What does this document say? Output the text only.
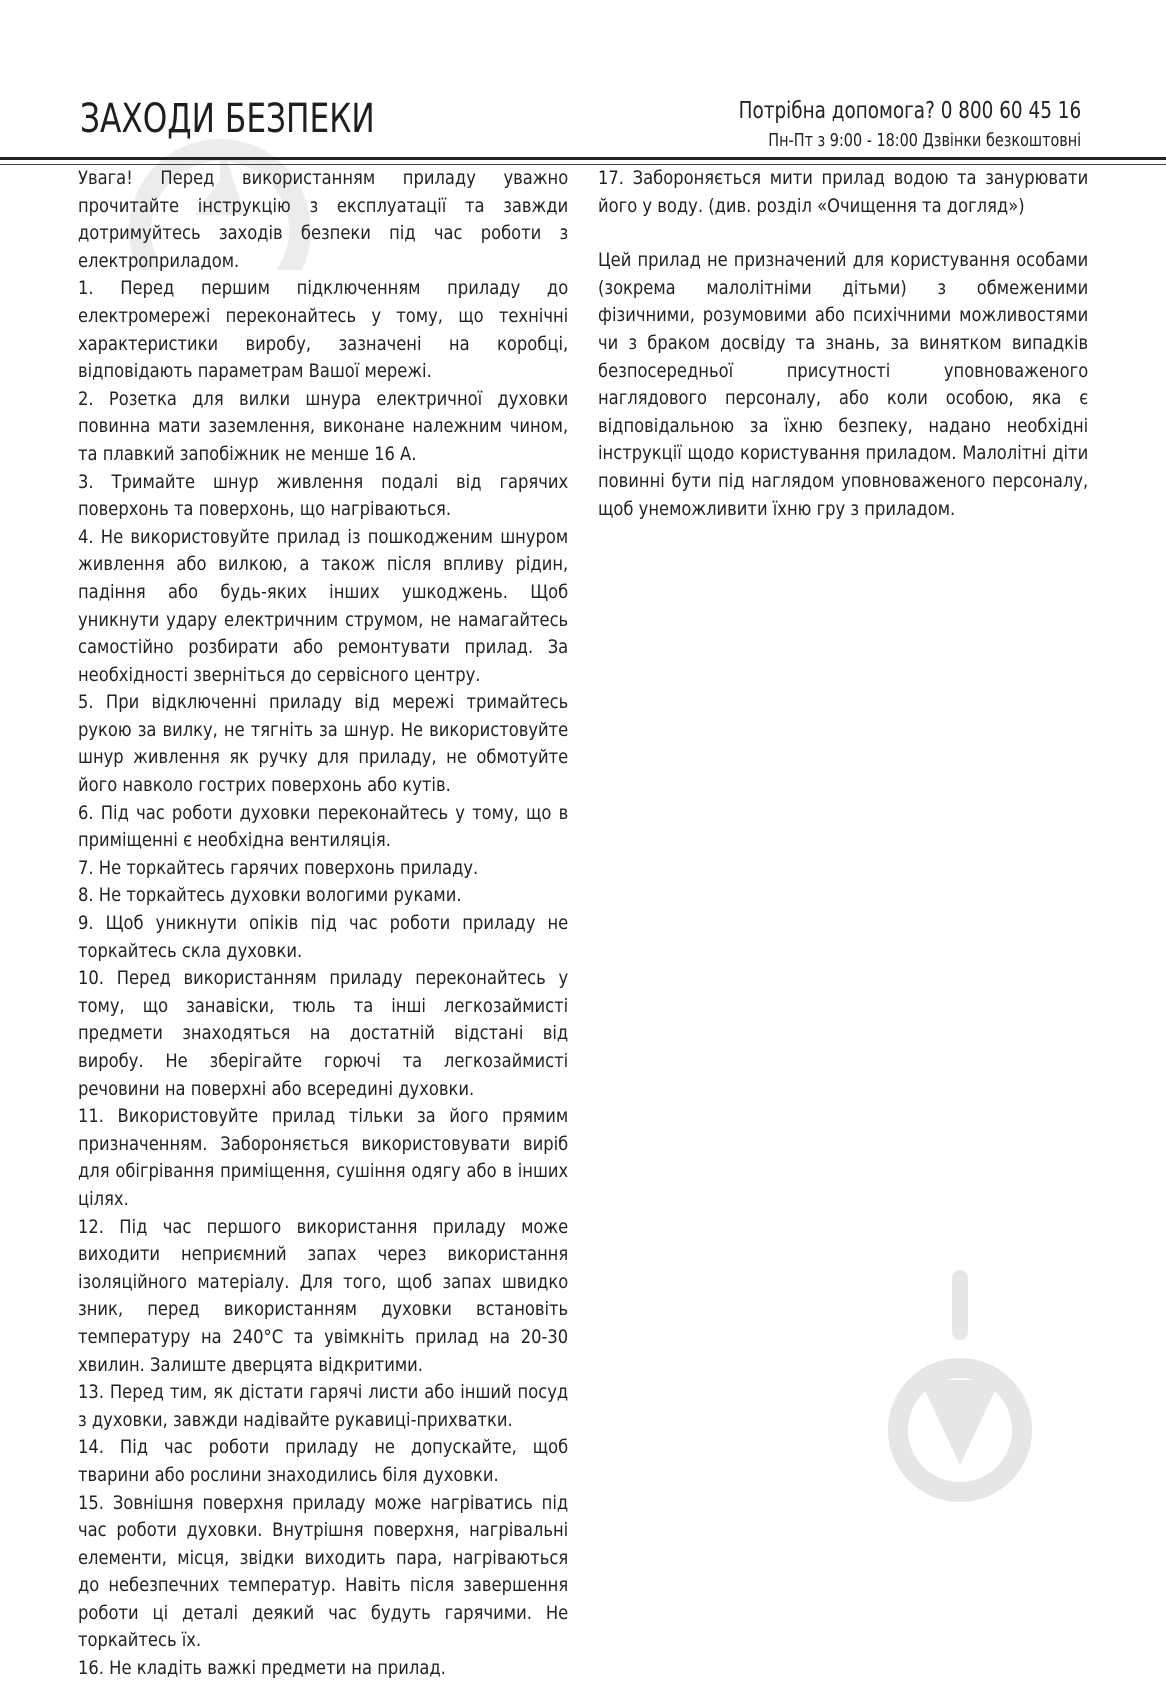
ЗАХОДИ БЕЗПЕКИ	Потрібна допомога? 0 800 60 45 16
Пн-Пт з 9:00 - 18:00 Дзвінки безкоштовні

Увага! Перед використанням приладу уважно прочитайте інструкцію з експлуатації та завжди дотримуйтесь заходів безпеки під час роботи з електроприладом.

1. Перед першим підключенням приладу до електромережі переконайтесь у тому, що технічні характеристики виробу, зазначені на коробці, відповідають параметрам Вашої мережі.

2. Розетка для вилки шнура електричної духовки повинна мати заземлення, виконане належним чином, та плавкий запобіжник не менше 16 А.

3. Тримайте шнур живлення подалі від гарячих поверхонь та поверхонь, що нагріваються.

4. Не використовуйте прилад із пошкодженим шнуром живлення або вилкою, а також після впливу рідин, падіння або будь-яких інших ушкоджень. Щоб уникнути удару електричним струмом, не намагайтесь самостійно розбирати або ремонтувати прилад. За необхідності зверніться до сервісного центру.

5. При відключенні приладу від мережі тримайтесь рукою за вилку, не тягніть за шнур. Не використовуйте шнур живлення як ручку для приладу, не обмотуйте його навколо гострих поверхонь або кутів.

6. Під час роботи духовки переконайтесь у тому, що в приміщенні є необхідна вентиляція.

7. Не торкайтесь гарячих поверхонь приладу.

8. Не торкайтесь духовки вологими руками.

9. Щоб уникнути опіків під час роботи приладу не торкайтесь скла духовки.

10. Перед використанням приладу переконайтесь у тому, що занавіски, тюль та інші легкозаймисті предмети знаходяться на достатній відстані від виробу. Не зберігайте горючі та легкозаймисті речовини на поверхні або всередині духовки.

11. Використовуйте прилад тільки за його прямим призначенням. Забороняється використовувати виріб для обігрівання приміщення, сушіння одягу або в інших цілях.

12. Під час першого використання приладу може виходити неприємний запах через використання ізоляційного матеріалу. Для того, щоб запах швидко зник, перед використанням духовки встановіть температуру на 240°С та увімкніть прилад на 20-30 хвилин. Залиште дверцята відкритими.

13. Перед тим, як дістати гарячі листи або інший посуд з духовки, завжди надівайте рукавиці-прихватки.

14. Під час роботи приладу не допускайте, щоб тварини або рослини знаходились біля духовки.

15. Зовнішня поверхня приладу може нагріватись під час роботи духовки. Внутрішня поверхня, нагрівальні елементи, місця, звідки виходить пара, нагріваються до небезпечних температур. Навіть після завершення роботи ці деталі деякий час будуть гарячими. Не торкайтесь їх.

16. Не кладіть важкі предмети на прилад.

17. Забороняється мити прилад водою та занурювати його у воду. (див. розділ «Очищення та догляд»)

Цей прилад не призначений для користування особами (зокрема малолітніми дітьми) з обмеженими фізичними, розумовими або психічними можливостями чи з браком досвіду та знань, за винятком випадків безпосередньої присутності уповноваженого наглядового персоналу, або коли особою, яка є відповідальною за їхню безпеку, надано необхідні інструкції щодо користування приладом. Малолітні діти повинні бути під наглядом уповноваженого персоналу, щоб унеможливити їхню гру з приладом.
